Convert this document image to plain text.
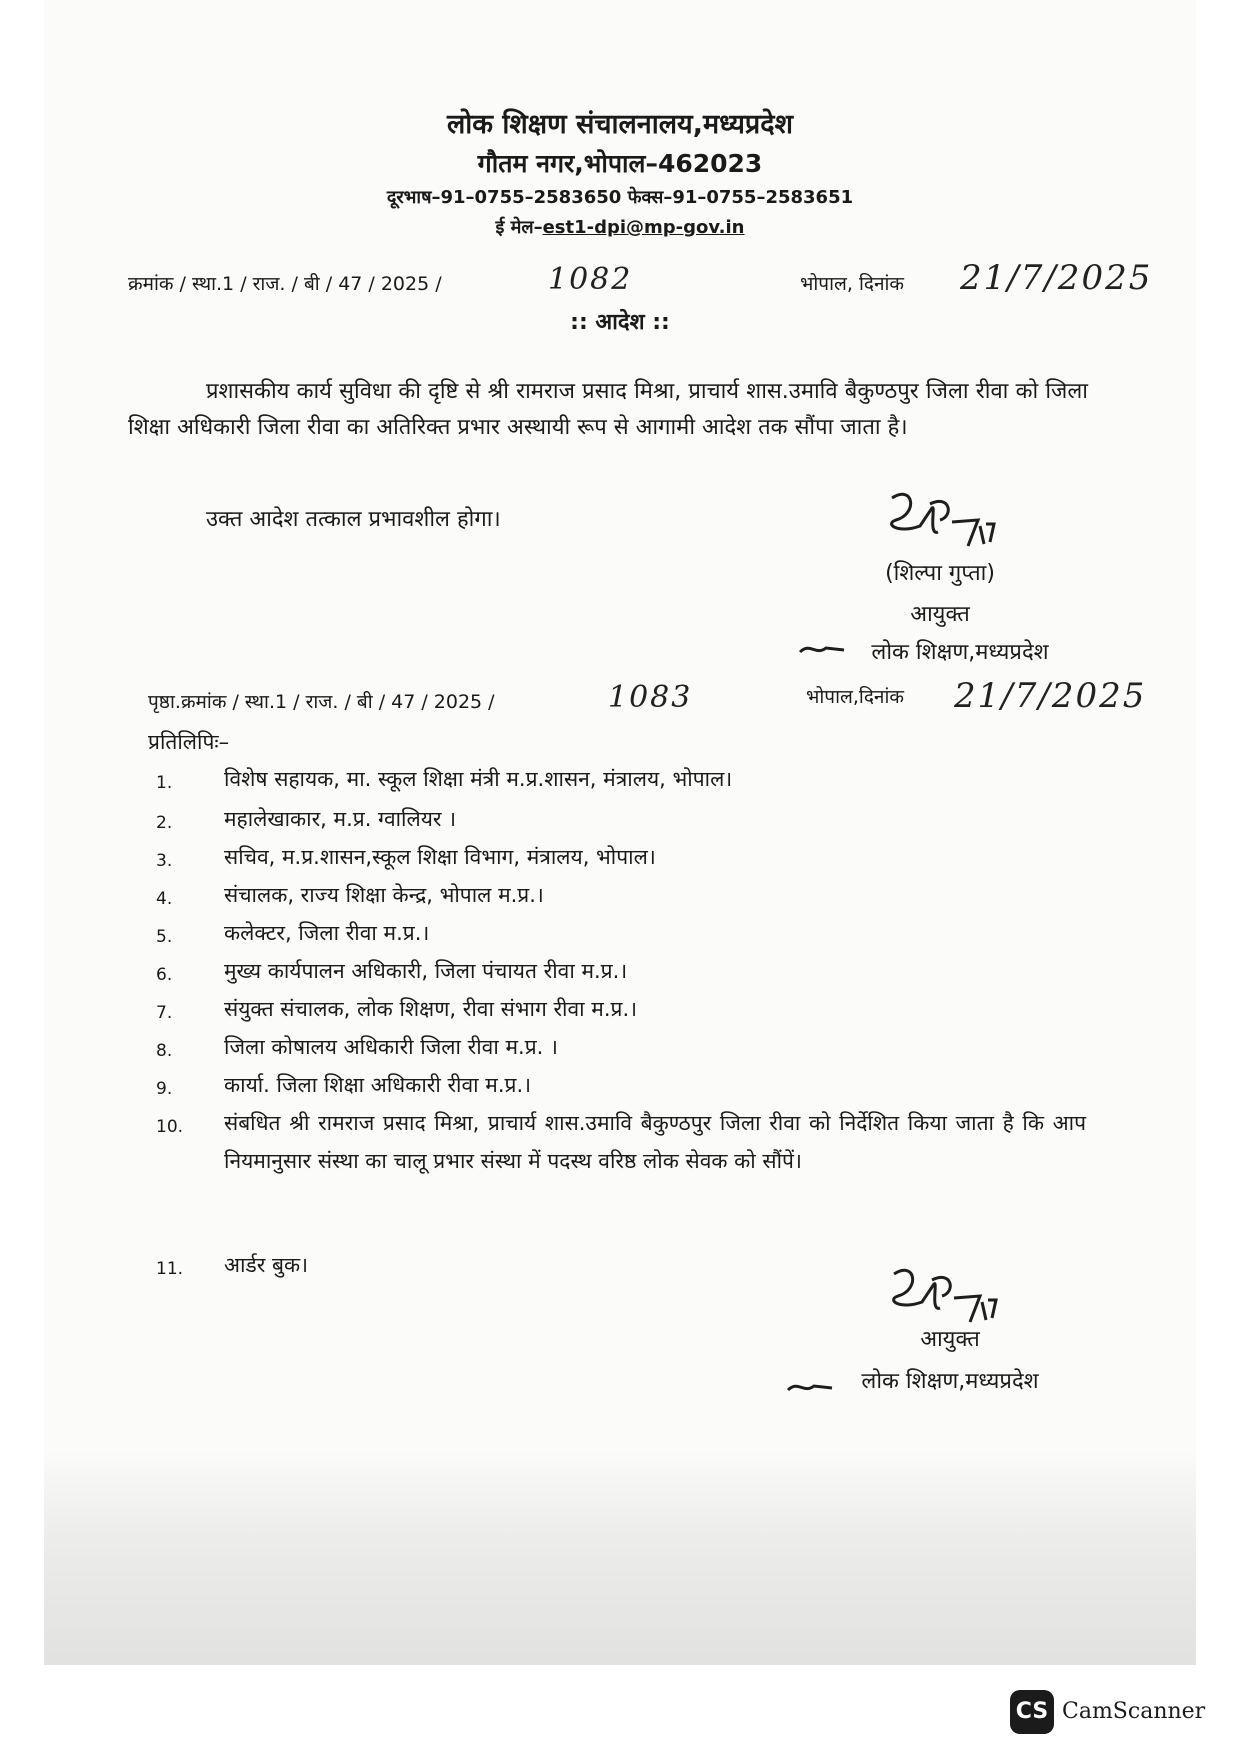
लोक शिक्षण संचालनालय,मध्यप्रदेश
गौतम नगर,भोपाल–462023
दूरभाष–91–0755–2583650 फेक्स–91–0755–2583651
ई मेल–est1-dpi@mp-gov.in
क्रमांक / स्था.1 / राज. / बी / 47 / 2025 /	1082	भोपाल, दिनांक 21/7/2025
:: आदेश ::

प्रशासकीय कार्य सुविधा की दृष्टि से श्री रामराज प्रसाद मिश्रा, प्राचार्य शास.उमावि बैकुण्ठपुर जिला रीवा को जिला शिक्षा अधिकारी जिला रीवा का अतिरिक्त प्रभार अस्थायी रूप से आगामी आदेश तक सौंपा जाता है।

उक्त आदेश तत्काल प्रभावशील होगा।

(शिल्पा गुप्ता)
आयुक्त
लोक शिक्षण,मध्यप्रदेश
पृष्ठा.क्रमांक / स्था.1 / राज. / बी / 47 / 2025 /	1083	भोपाल,दिनांक 21/7/2025
प्रतिलिपिः–
1.	विशेष सहायक, मा. स्कूल शिक्षा मंत्री म.प्र.शासन, मंत्रालय, भोपाल।
2.	महालेखाकार, म.प्र. ग्वालियर ।
3.	सचिव, म.प्र.शासन,स्कूल शिक्षा विभाग, मंत्रालय, भोपाल।
4.	संचालक, राज्य शिक्षा केन्द्र, भोपाल म.प्र.।
5.	कलेक्टर, जिला रीवा म.प्र.।
6.	मुख्य कार्यपालन अधिकारी, जिला पंचायत रीवा म.प्र.।
7.	संयुक्त संचालक, लोक शिक्षण, रीवा संभाग रीवा म.प्र.।
8.	जिला कोषालय अधिकारी जिला रीवा म.प्र. ।
9.	कार्या. जिला शिक्षा अधिकारी रीवा म.प्र.।
10.	संबधित श्री रामराज प्रसाद मिश्रा, प्राचार्य शास.उमावि बैकुण्ठपुर जिला रीवा को निर्देशित किया जाता है कि आप नियमानुसार संस्था का चालू प्रभार संस्था में पदस्थ वरिष्ठ लोक सेवक को सौंपें।
11.	आर्डर बुक।
आयुक्त
लोक शिक्षण,मध्यप्रदेश
CS CamScanner
